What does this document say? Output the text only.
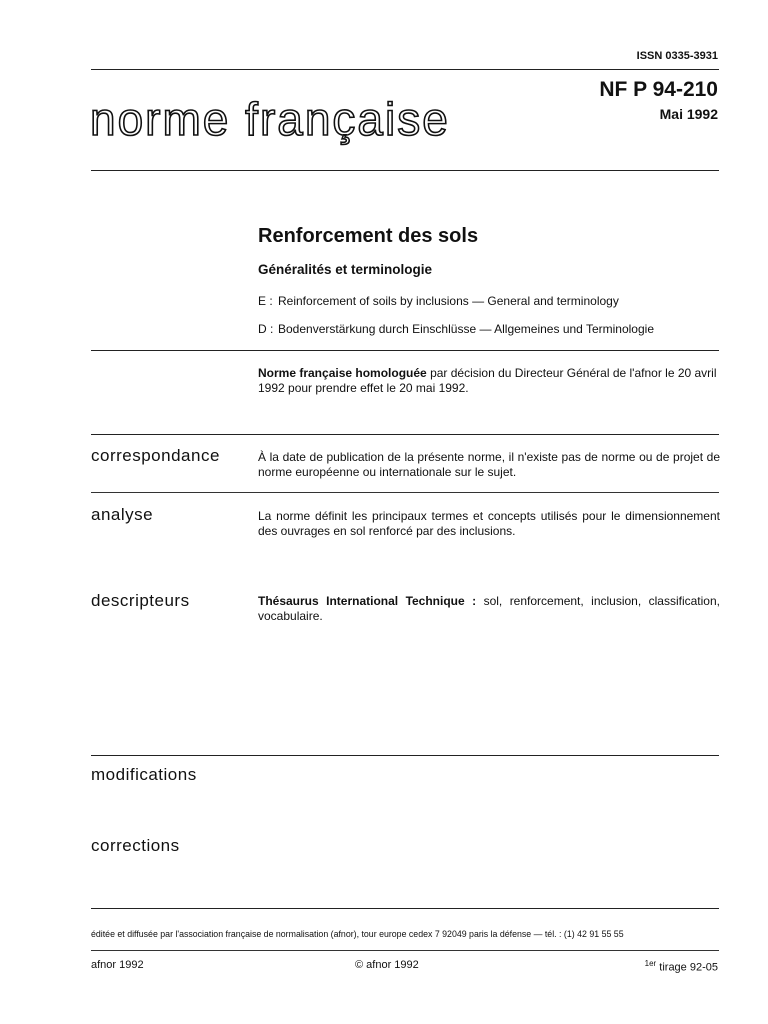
ISSN 0335-3931
norme française
NF P 94-210
Mai 1992
Renforcement des sols
Généralités et terminologie
E : Reinforcement of soils by inclusions — General and terminology
D : Bodenverstärkung durch Einschlüsse — Allgemeines und Terminologie
Norme française homologuée par décision du Directeur Général de l'afnor le 20 avril 1992 pour prendre effet le 20 mai 1992.
correspondance	À la date de publication de la présente norme, il n'existe pas de norme ou de projet de norme européenne ou internationale sur le sujet.
analyse	La norme définit les principaux termes et concepts utilisés pour le dimensionnement des ouvrages en sol renforcé par des inclusions.
descripteurs	Thésaurus International Technique : sol, renforcement, inclusion, classification, vocabulaire.
modifications
corrections
éditée et diffusée par l'association française de normalisation (afnor), tour europe cedex 7 92049 paris la défense — tél. : (1) 42 91 55 55
afnor 1992	© afnor 1992	$^{1er}$ tirage 92-05
